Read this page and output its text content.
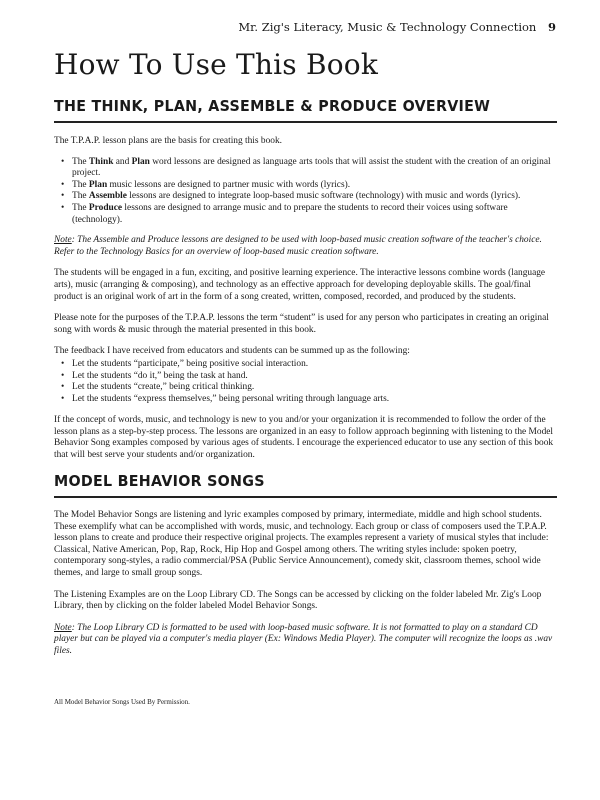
Mr. Zig's Literacy, Music & Technology Connection 9
How To Use This Book
THE THINK, PLAN, ASSEMBLE & PRODUCE OVERVIEW

The T.P.A.P. lesson plans are the basis for creating this book.

• The Think and Plan word lessons are designed as language arts tools that will assist the student with the creation of an original project.
• The Plan music lessons are designed to partner music with words (lyrics).
• The Assemble lessons are designed to integrate loop-based music software (technology) with music and words (lyrics).
• The Produce lessons are designed to arrange music and to prepare the students to record their voices using software (technology).

Note: The Assemble and Produce lessons are designed to be used with loop-based music creation software of the teacher's choice. Refer to the Technology Basics for an overview of loop-based music creation software.

The students will be engaged in a fun, exciting, and positive learning experience. The interactive lessons combine words (language arts), music (arranging & composing), and technology as an effective approach for developing deployable skills. The goal/final product is an original work of art in the form of a song created, written, composed, recorded, and produced by the students.

Please note for the purposes of the T.P.A.P. lessons the term “student” is used for any person who participates in creating an original song with words & music through the material presented in this book.

The feedback I have received from educators and students can be summed up as the following:

• Let the students “participate,” being positive social interaction.
• Let the students “do it,” being the task at hand.
• Let the students “create,” being critical thinking.
• Let the students “express themselves,” being personal writing through language arts.

If the concept of words, music, and technology is new to you and/or your organization it is recommended to follow the order of the lesson plans as a step-by-step process. The lessons are organized in an easy to follow approach beginning with listening to the Model Behavior Song examples composed by various ages of students. I encourage the experienced educator to use any section of this book that will best serve your students and/or organization.

MODEL BEHAVIOR SONGS

The Model Behavior Songs are listening and lyric examples composed by primary, intermediate, middle and high school students. These exemplify what can be accomplished with words, music, and technology. Each group or class of composers used the T.P.A.P. lesson plans to create and produce their respective original projects. The examples represent a variety of musical styles that include: Classical, Native American, Pop, Rap, Rock, Hip Hop and Gospel among others. The writing styles include: spoken poetry, contemporary song-styles, a radio commercial/PSA (Public Service Announcement), comedy skit, classroom themes, school wide themes, and large to small group songs.

The Listening Examples are on the Loop Library CD. The Songs can be accessed by clicking on the folder labeled Mr. Zig's Loop Library, then by clicking on the folder labeled Model Behavior Songs.

Note: The Loop Library CD is formatted to be used with loop-based music software. It is not formatted to play on a standard CD player but can be played via a computer's media player (Ex: Windows Media Player). The computer will recognize the loops as .wav files.

All Model Behavior Songs Used By Permission.
